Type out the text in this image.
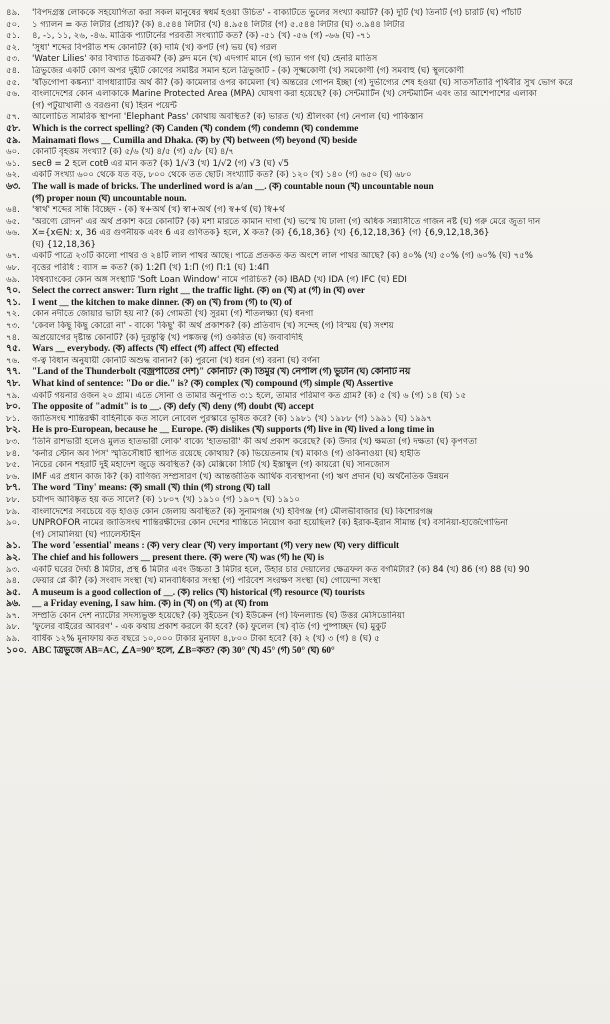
৪৯.	'বিপদগ্রস্ত লোককে সহযোগিতা করা সকল মানুষের স্বধর্ম হওয়া উচিত' - বাক্যটিতে ভুলের সংখ্যা কয়টি? (ক) দুটি (খ) তিনটি (গ) চারটি (ঘ) পাঁচটি
৫০.	১ গ্যালন = কত লিটার (প্রায়)? (ক) ৪.৫৪৪ লিটার (খ) ৪.৯৫৪ লিটার (গ) ৫.৫৪৪ লিটার (ঘ) ৩.৯৪৪ লিটার
৫১.	৪, -১, ১১, ২৬, -৪৬. মাত্রিক প্যাটার্নের পরবর্তী সংখ্যাটি কত? (ক) -৫১ (খ) -৫৬ (গ) -৬৬ (ঘ) -৭১
৫২.	'সুধা' শব্দের বিপরীত শব্দ কোনটি? (ক) দামি (খ) কপট (গ) ভয় (ঘ) গরল
৫৩.	'Water Lilies' কার বিখ্যাত চিত্রকর্ম? (ক) ক্লদ মনে (খ) এদগার্দ মানে (গ) ভ্যান গগ (ঘ) হেনরি মাতিস
৫৪.	ত্রিভুজের একটি কোণ অপর দুইটি কোণের সমষ্টির সমান হলে ত্রিভুজটি - (ক) সূক্ষ্মকোণী (খ) সমকোণী (গ) সমবাহু (ঘ) স্থূলকোণী
৫৫.	'ষাঁড়গোপা কঙ্কন্যা' বাগধারাটির অর্থ কী? (ক) কামেলার ওপর কামেলা (খ) অন্তরের গোপন ইচ্ছা (গ) দুর্ভাগ্যের শেষ হওয়া (ঘ) সাতসাঁতারি পৃথিবীর সুখ ভোগ করে
৫৬.	বাংলাদেশের কোন এলাকাকে Marine Protected Area (MPA) ঘোষণা করা হয়েছে? (ক) সেন্টমার্টিন (খ) সেন্টমার্টিন এবং তার আশেপাশের এলাকা
(গ) পটুয়াখালী ও বরগুনা (ঘ) হিরন পয়েন্ট
৫৭.	আলোচিত সামরিক স্থাপনা 'Elephant Pass' কোথায় অবস্থিত? (ক) ভারত (খ) শ্রীলংকা (গ) নেপাল (ঘ) পাকিস্তান
৫৮.	Which is the correct spelling? (ক) Canden (খ) condem (গ) condemn (ঘ) condemme
৫৯.	Mainamati flows __ Cumilla and Dhaka. (ক) by (খ) between (গ) beyond (ঘ) beside
৬০.	কোনটি বৃহত্তম সংখ্যা? (ক) ৫/৬ (খ) ৪/৫ (গ) ৫/৮ (ঘ) ৪/৭
৬১.	secθ = 2 হলে cotθ এর মান কত? (ক) 1/√3 (খ) 1/√2 (গ) √3 (ঘ) √5
৬২.	একটি সংখ্যা ৬০০ থেকে যত বড়, ৮০০ থেকে তত ছোট। সংখ্যাটি কত? (ক) ১২০ (খ) ১৪০ (গ) ৬৫০ (ঘ) ৬৮০
৬৩.	The wall is made of bricks. The underlined word is a/an __. (ক) countable noun (খ) uncountable noun
(গ) proper noun (ঘ) uncountable noun.
৬৪.	'স্বার্থ' শব্দের সন্ধি বিচ্ছেদ - (ক) স্ব+অর্থ (খ) স্বা+অর্থ (গ) স্ব+র্থ (ঘ) স্বি+র্থ
৬৫.	'অরণ্যে রোদন' এর অর্থ প্রকাশ করে কোনটি? (ক) মশা মারতে কামান দাগা (খ) ভস্মে ঘি ঢালা (গ) অধিক সন্ন্যাসীতে গাজন নষ্ট (ঘ) গরু মেরে জুতা দান
৬৬.	X={x∈N: x, 36 এর গুণনীয়ক এবং 6 এর গুণিতক} হলে, X কত? (ক) {6,18,36} (খ) {6,12,18,36} (গ) {6,9,12,18,36}
(ঘ) {12,18,36}
৬৭.	একটি পাত্রে ২৩টি কালো পাথর ও ২৪টি লাল পাথর আছে। পাত্রে প্রতকত কত অংশে লাল পাথর আছে? (ক) ৪০% (খ) ৫০% (গ) ৬০% (ঘ) ৭৫%
৬৮.	বৃত্তের পরিধি : ব্যাস = কত? (ক) 1:2Π (খ) 1:Π (গ) Π:1 (ঘ) 1:4Π
৬৯.	বিশ্বব্যাংকের কোন অঙ্গ সংস্থাটি 'Soft Loan Window' নামে পরিচিত? (ক) IBAD (খ) IDA (গ) IFC (ঘ) EDI
৭০.	Select the correct answer: Turn right __ the traffic light. (ক) on (খ) at (গ) in (ঘ) over
৭১.	I went __ the kitchen to make dinner. (ক) on (খ) from (গ) to (ঘ) of
৭২.	কোন নদীতে জোয়ার ভাটা হয় না? (ক) গোমতী (খ) সুরমা (গ) শীতলক্ষ্যা (ঘ) ধনগা
৭৩.	'কেবল কিছু কিছু কোরো না' - বাক্যে 'কিছু' কী অর্থ প্রকাশক? (ক) প্রতিবাদ (খ) সন্দেহ (গ) বিস্ময় (ঘ) সংশয়
৭৪.	অপ্রয়োগের দৃষ্টান্ত কোনটি? (ক) দুরন্তুত্বি (খ) পঙ্কজত্ব (গ) ওকরিত (ঘ) জবাবদিহি
৭৫.	Wars __ everybody. (ক) affects (খ) effect (গ) affect (ঘ) effected
৭৬.	ণ-ত্ব বিধান অনুযায়ী কোনটি অশুদ্ধ বানান? (ক) পুরনো (খ) ধরন (গ) বরনা (ঘ) বর্ণনা
৭৭.	"Land of the Thunderbolt (বজ্রপাতের দেশ)" কোনটি? (ক) তিমুর (খ) নেপাল (গ) ভুটান (ঘ) কোনটি নয়
৭৮.	What kind of sentence: "Do or die." is? (ক) complex (খ) compound (গ) simple (ঘ) Assertive
৭৯.	একটি গয়নার ওজন ২০ গ্রাম। এতে সোনা ও তামার অনুপাত ৩:১ হলে, তামার পরিমাণ কত গ্রাম? (ক) ৫ (খ) ৬ (গ) ১৪ (ঘ) ১৫
৮০.	The opposite of "admit" is to __. (ক) defy (খ) deny (গ) doubt (ঘ) accept
৮১.	জাতিসংঘ শান্তিরক্ষী বাহিনীকে কত সালে নোবেল পুরস্কারে ভূষিত করে? (ক) ১৯৮১ (খ) ১৯৮৮ (গ) ১৯৯১ (ঘ) ১৯৯৭
৮২.	He is pro-European, because he __ Europe. (ক) dislikes (খ) supports (গ) live in (ঘ) lived a long time in
৮৩.	'তিনি রাশভারী হলেও মুলত হাতভারী লোক' বাক্যে 'হাতভারী' কী অর্থ প্রকাশ করেছে? (ক) উদার (খ) ক্ষমতা (গ) দক্ষতা (ঘ) কৃপণতা
৮৪.	'কর্নার স্টোন অব পিস' স্মৃতিসৌধটি স্থাপিত রয়েছে কোথায়? (ক) ভিয়েতনাম (খ) মাকাও (গ) ওকিনাওয়া (ঘ) হাইতি
৮৫.	নিচের কোন শহরটি দুই মহাদেশ জুড়ে অবস্থিত? (ক) মেক্সিকো সিটি (খ) ইস্তাম্বুল (গ) কায়রো (ঘ) সানজোস
৮৬.	IMF এর প্রধান কাজ কি? (ক) বাণিজ্য সম্প্রসারণ (খ) আন্তর্জাতিক আর্থিক ব্যবস্থাপনা (গ) ঋণ প্রদান (ঘ) অর্থনৈতিক উন্নয়ন
৮৭.	The word 'Tiny' means: (ক) small (খ) thin (গ) strong (ঘ) tall
৮৮.	চর্যাপদ আবিষ্কৃত হয় কত সালে? (ক) ১৮০৭ (খ) ১৯১০ (গ) ১৯০৭ (ঘ) ১৯১০
৮৯.	বাংলাদেশের সবচেয়ে বড় হাওড় কোন জেলায় অবস্থিত? (ক) সুনামগঞ্জ (খ) হবিগঞ্জ (গ) মৌলভীবাজার (ঘ) কিশোরগঞ্জ
৯০.	UNPROFOR নামের জাতিসংঘ শান্তিরক্ষীদের কোন দেশের শান্তিতে নিয়োগ করা হয়েছিল? (ক) ইরাক-ইরান সীমান্ত (খ) বসনিয়া-হার্জেগোভিনা
(গ) সোমালিয়া (ঘ) প্যালেস্টাইন
৯১.	The word 'essential' means : (ক) very clear (খ) very important (গ) very new (ঘ) very difficult
৯২.	The chief and his followers __ present there. (ক) were (খ) was (গ) he (ঘ) is
৯৩.	একটি ঘরের দৈর্ঘ্য 8 মিটার, প্রস্থ 6 মিটার এবং উচ্চতা 3 মিটার হলে, উহার চার দেয়ালের ক্ষেত্রফল কত বর্গমিটার? (ক) 84 (খ) 86 (গ) 88 (ঘ) 90
৯৪.	ফেয়ার প্লে কী? (ক) সংবাদ সংস্থা (খ) মানবাধিকার সংস্থা (গ) পরিবেশ সংরক্ষণ সংস্থা (ঘ) গোয়েন্দা সংস্থা
৯৫.	A museum is a good collection of __. (ক) relics (খ) historical (গ) resource (ঘ) tourists
৯৬.	__ a Friday evening, I saw him. (ক) in (খ) on (গ) at (ঘ) from
৯৭.	সম্প্রতি কোন দেশ ন্যাটোর সদস্যভুক্ত হয়েছে? (ক) সুইডেন (খ) ইউক্রেন (গ) ফিনল্যান্ড (ঘ) উত্তর মেসিডোনিয়া
৯৮.	'ফুলের বাইরের আবরণ' - এক কথায় প্রকাশ করলে কী হবে? (ক) ফুলেল (খ) বৃতি (গ) পুষ্পাচ্ছদ (ঘ) মুকুট
৯৯.	বার্ষিক ১২% মুনাফায় কত বছরে ১০,০০০ টাকার মুনাফা ৪,৮০০ টাকা হবে? (ক) ২ (খ) ৩ (গ) ৪ (ঘ) ৫
১০০. ABC ত্রিভুজে AB=AC, ∠A=90° হলে, ∠B=কত? (ক) 30° (খ) 45° (গ) 50° (ঘ) 60°
